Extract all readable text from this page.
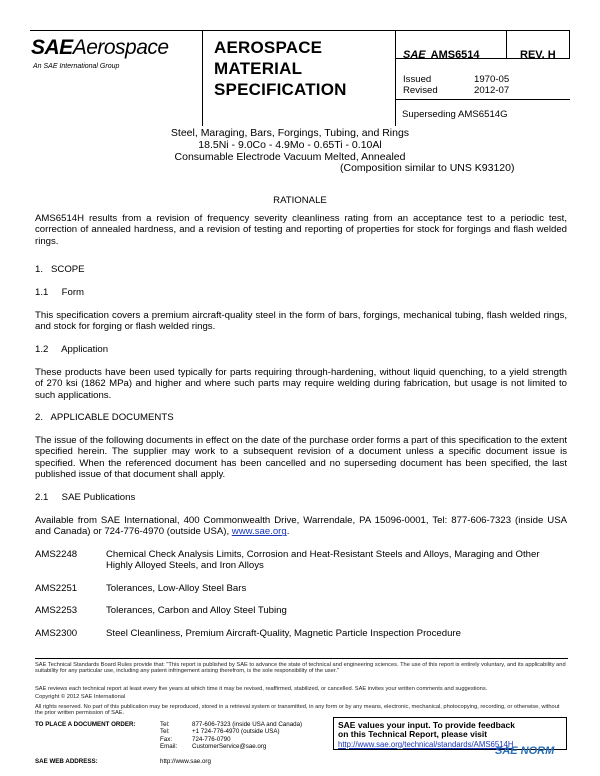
SAEAerospace
An SAE International Group
AEROSPACE
MATERIAL
SPECIFICATION
SAE AMS6514	REV. H
Issued	1970-05
Revised	2012-07
Superseding AMS6514G
Steel, Maraging, Bars, Forgings, Tubing, and Rings
18.5Ni - 9.0Co - 4.9Mo - 0.65Ti - 0.10Al
Consumable Electrode Vacuum Melted, Annealed
(Composition similar to UNS K93120)
RATIONALE
AMS6514H results from a revision of frequency severity cleanliness rating from an acceptance test to a periodic test, correction of annealed hardness, and a revision of testing and reporting of properties for stock for forgings and flash welded rings.
1.   SCOPE
1.1     Form
This specification covers a premium aircraft-quality steel in the form of bars, forgings, mechanical tubing, flash welded rings, and stock for forging or flash welded rings.
1.2     Application
These products have been used typically for parts requiring through-hardening, without liquid quenching, to a yield strength of 270 ksi (1862 MPa) and higher and where such parts may require welding during fabrication, but usage is not limited to such applications.
2.   APPLICABLE DOCUMENTS
The issue of the following documents in effect on the date of the purchase order forms a part of this specification to the extent specified herein. The supplier may work to a subsequent revision of a document unless a specific document issue is specified. When the referenced document has been cancelled and no superseding document has been specified, the last published issue of that document shall apply.
2.1     SAE Publications
Available from SAE International, 400 Commonwealth Drive, Warrendale, PA 15096-0001, Tel: 877-606-7323 (inside USA and Canada) or 724-776-4970 (outside USA), www.sae.org.
AMS2248	Chemical Check Analysis Limits, Corrosion and Heat-Resistant Steels and Alloys, Maraging and Other Highly Alloyed Steels, and Iron Alloys
AMS2251	Tolerances, Low-Alloy Steel Bars
AMS2253	Tolerances, Carbon and Alloy Steel Tubing
AMS2300	Steel Cleanliness, Premium Aircraft-Quality, Magnetic Particle Inspection Procedure
SAE Technical Standards Board Rules provide that: "This report is published by SAE to advance the state of technical and engineering sciences. The use of this report is entirely voluntary, and its applicability and suitability for any particular use, including any patent infringement arising therefrom, is the sole responsibility of the user."
SAE reviews each technical report at least every five years at which time it may be revised, reaffirmed, stabilized, or cancelled. SAE invites your written comments and suggestions.
Copyright © 2012 SAE International
All rights reserved. No part of this publication may be reproduced, stored in a retrieval system or transmitted, in any form or by any means, electronic, mechanical, photocopying, recording, or otherwise, without the prior written permission of SAE.
TO PLACE A DOCUMENT ORDER:	Tel:	877-606-7323 (inside USA and Canada)
Tel:	+1 724-776-4970 (outside USA)
Fax:	724-776-0790
Email:	CustomerService@sae.org
SAE WEB ADDRESS:	http://www.sae.org
SAE values your input. To provide feedback
on this Technical Report, please visit
http://www.sae.org/technical/standards/AMS6514H
SAE NORM
